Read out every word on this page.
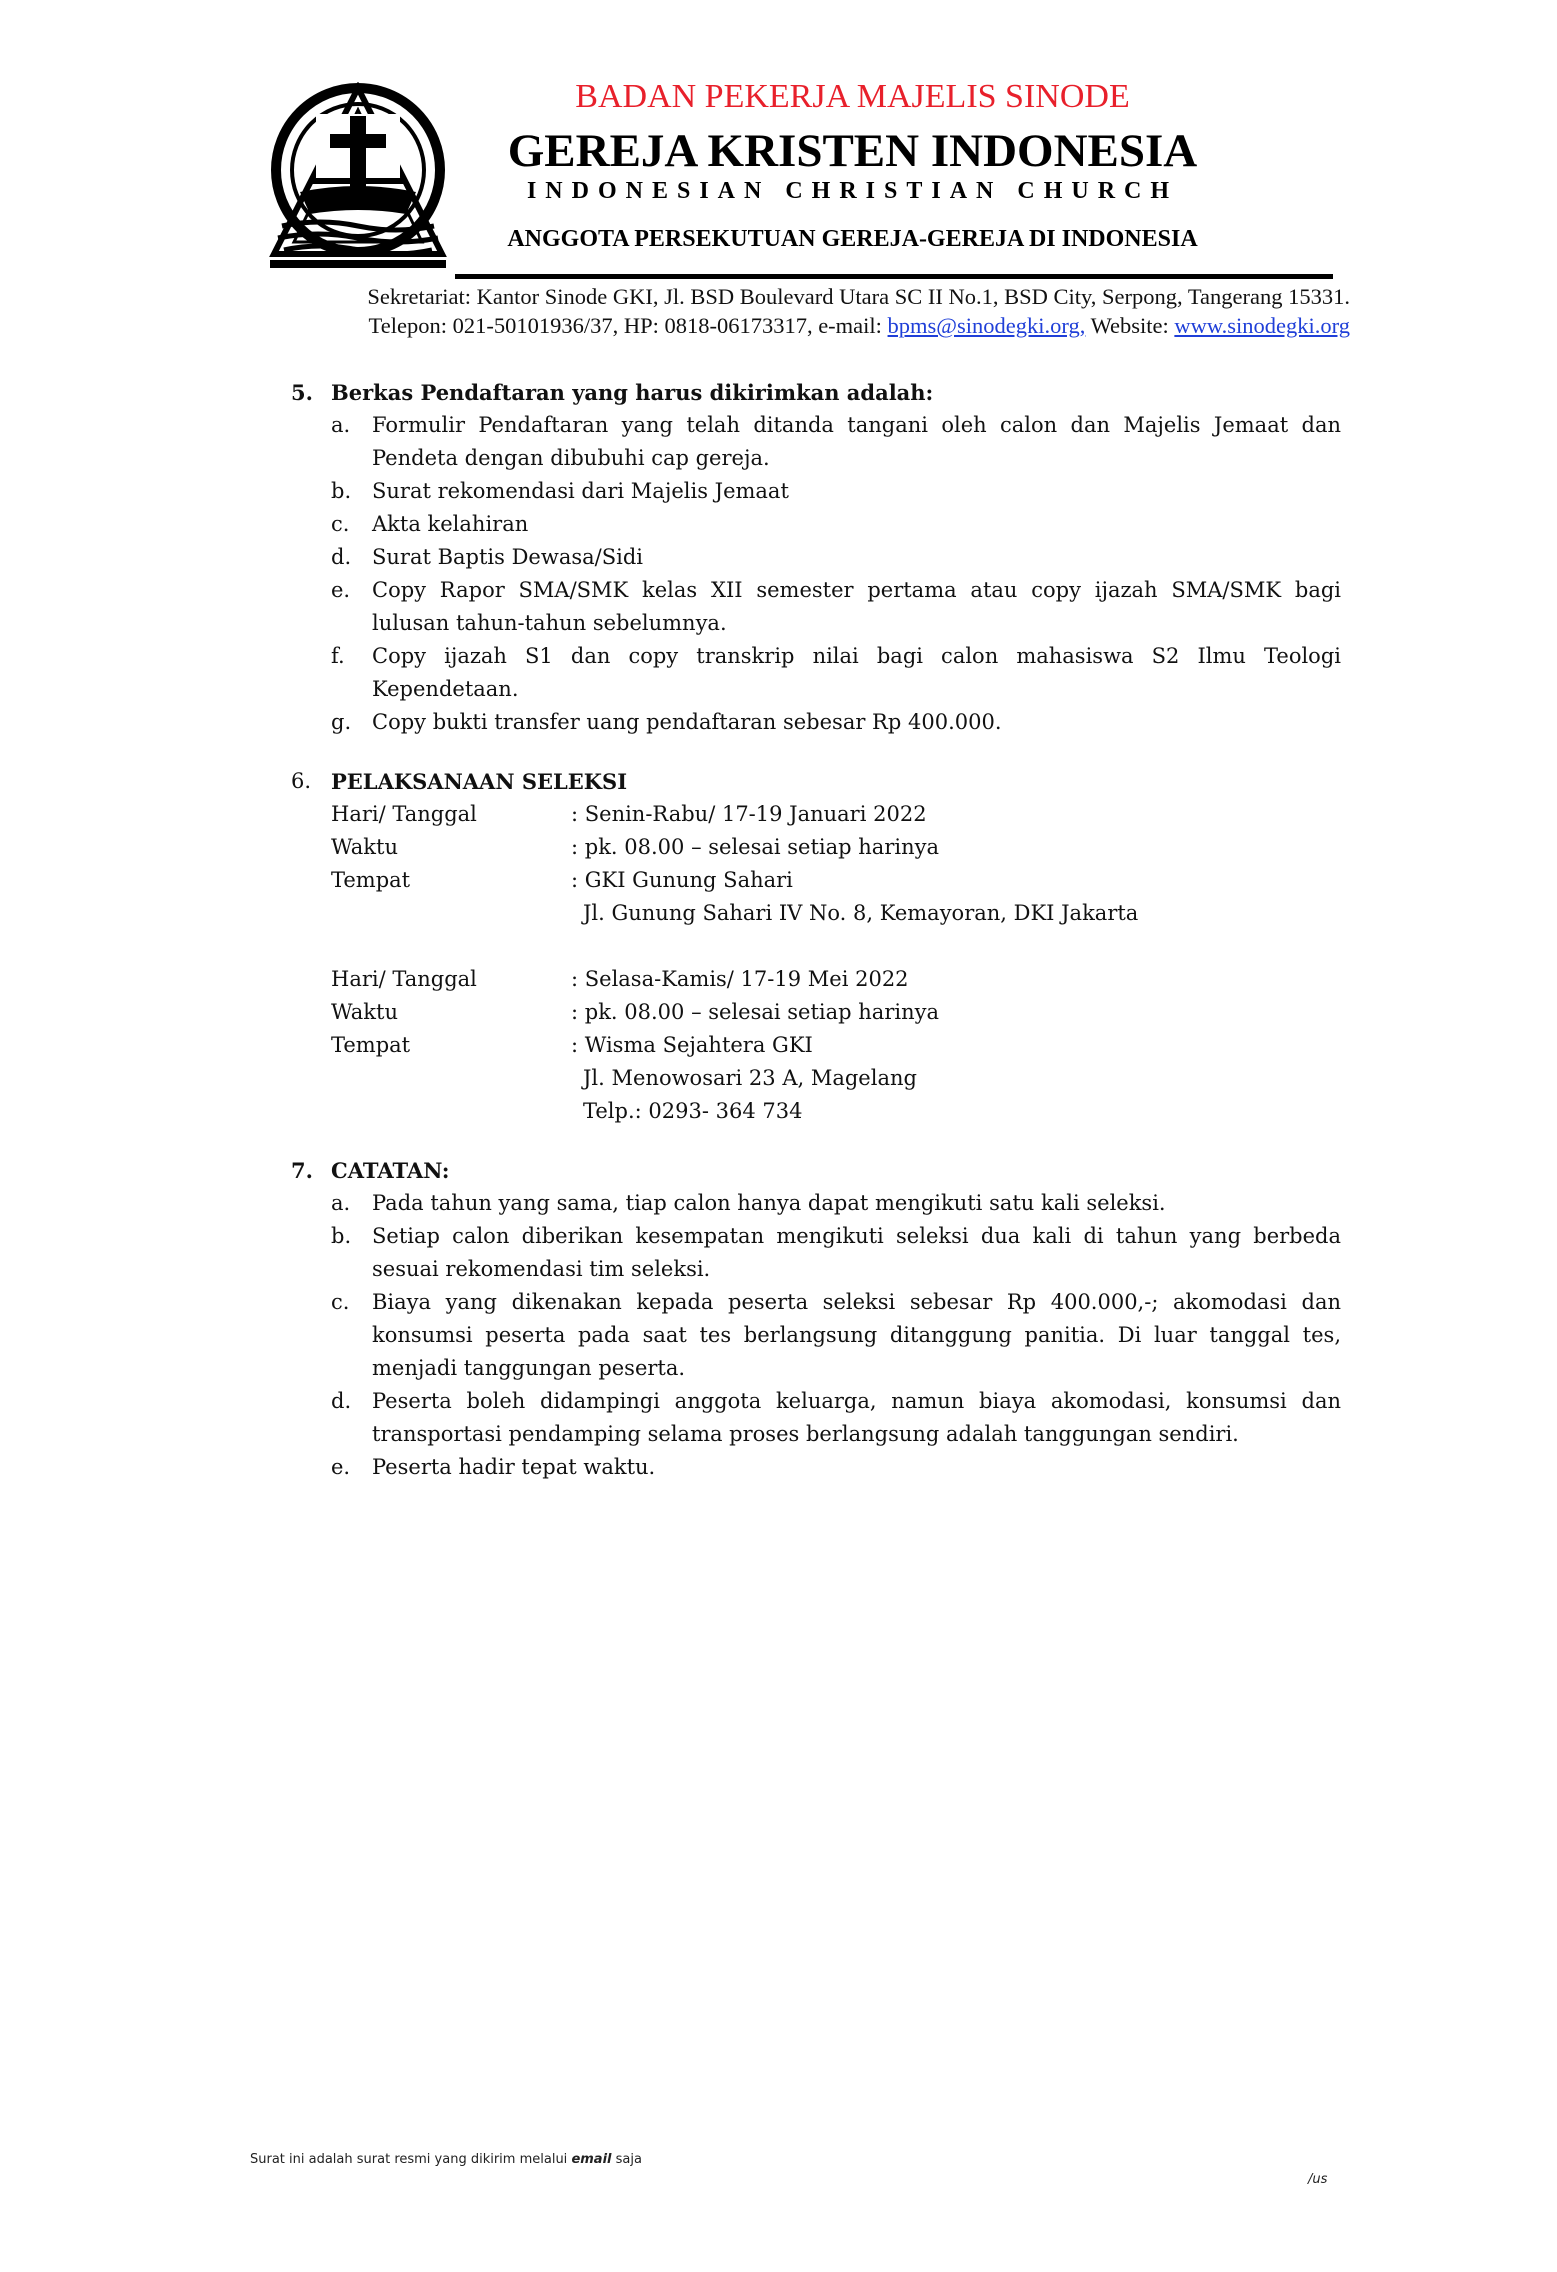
BADAN PEKERJA MAJELIS SINODE
GEREJA KRISTEN INDONESIA
INDONESIAN CHRISTIAN CHURCH
ANGGOTA PERSEKUTUAN GEREJA-GEREJA DI INDONESIA
Sekretariat: Kantor Sinode GKI, Jl. BSD Boulevard Utara SC II No.1, BSD City, Serpong, Tangerang 15331.
Telepon: 021-50101936/37, HP: 0818-06173317, e-mail: bpms@sinodegki.org, Website: www.sinodegki.org
5. Berkas Pendaftaran yang harus dikirimkan adalah:
a.	Formulir Pendaftaran yang telah ditanda tangani oleh calon dan Majelis Jemaat dan Pendeta dengan dibubuhi cap gereja.
b. Surat rekomendasi dari Majelis Jemaat
c.	Akta kelahiran
d. Surat Baptis Dewasa/Sidi
e.	Copy Rapor SMA/SMK kelas XII semester pertama atau copy ijazah SMA/SMK bagi lulusan tahun-tahun sebelumnya.
f.	Copy ijazah S1 dan copy transkrip nilai bagi calon mahasiswa S2 Ilmu Teologi Kependetaan.
g. Copy bukti transfer uang pendaftaran sebesar Rp 400.000.
6. PELAKSANAAN SELEKSI
Hari/ Tanggal	: Senin-Rabu/ 17-19 Januari 2022
Waktu	: pk. 08.00 – selesai setiap harinya
Tempat	: GKI Gunung Sahari
Jl. Gunung Sahari IV No. 8, Kemayoran, DKI Jakarta
Hari/ Tanggal	: Selasa-Kamis/ 17-19 Mei 2022
Waktu	: pk. 08.00 – selesai setiap harinya
Tempat	: Wisma Sejahtera GKI
Jl. Menowosari 23 A, Magelang
Telp.: 0293- 364 734
7. CATATAN:
a.	Pada tahun yang sama, tiap calon hanya dapat mengikuti satu kali seleksi.
b. Setiap calon diberikan kesempatan mengikuti seleksi dua kali di tahun yang berbeda sesuai rekomendasi tim seleksi.
c.	Biaya yang dikenakan kepada peserta seleksi sebesar Rp 400.000,-; akomodasi dan konsumsi peserta pada saat tes berlangsung ditanggung panitia. Di luar tanggal tes, menjadi tanggungan peserta.
d. Peserta boleh didampingi anggota keluarga, namun biaya akomodasi, konsumsi dan transportasi pendamping selama proses berlangsung adalah tanggungan sendiri.
e.	Peserta hadir tepat waktu.
Surat ini adalah surat resmi yang dikirim melalui email saja
/us
